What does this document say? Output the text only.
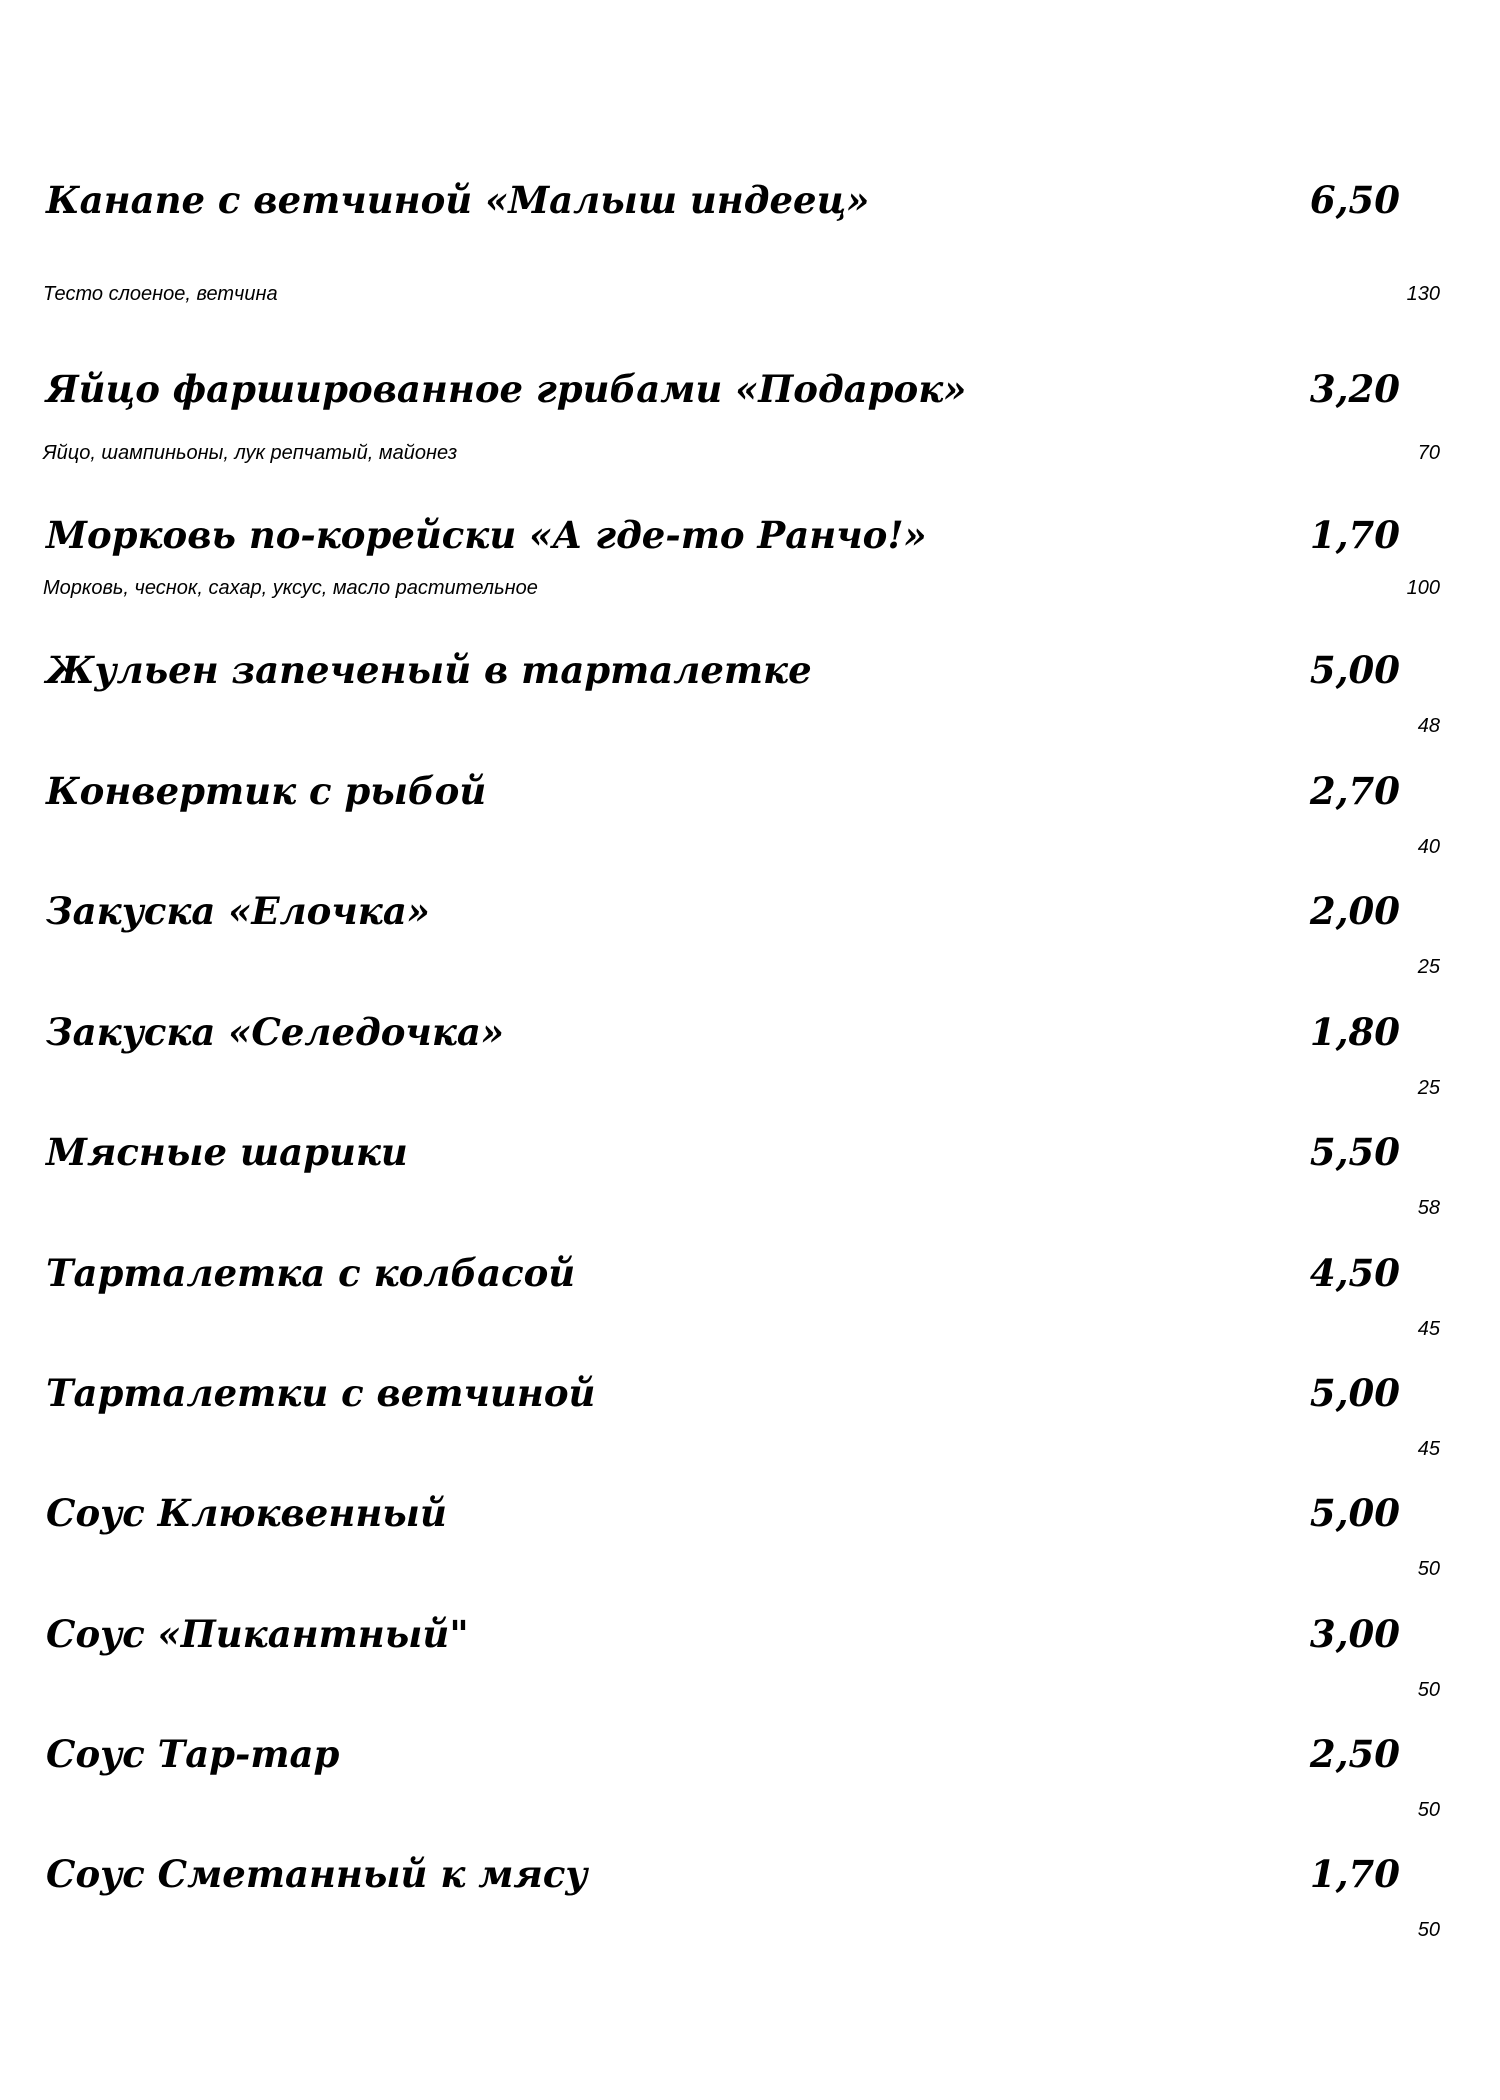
Канапе с ветчиной «Малыш индеец»	6,50
Тесто слоеное, ветчина	130
Яйцо фаршированное грибами «Подарок»	3,20
Яйцо, шампиньоны, лук репчатый, майонез	70
Морковь по-корейски «А где-то Ранчо!»	1,70
Морковь, чеснок, сахар, уксус, масло растительное	100
Жульен запеченый в тарталетке	5,00
48
Конвертик с рыбой	2,70
40
Закуска «Елочка»	2,00
25
Закуска «Селедочка»	1,80
25
Мясные шарики	5,50
58
Тарталетка с колбасой	4,50
45
Тарталетки с ветчиной	5,00
45
Соус Клюквенный	5,00
50
Соус «Пикантный"	3,00
50
Соус Тар-тар	2,50
50
Соус Сметанный к мясу	1,70
50
